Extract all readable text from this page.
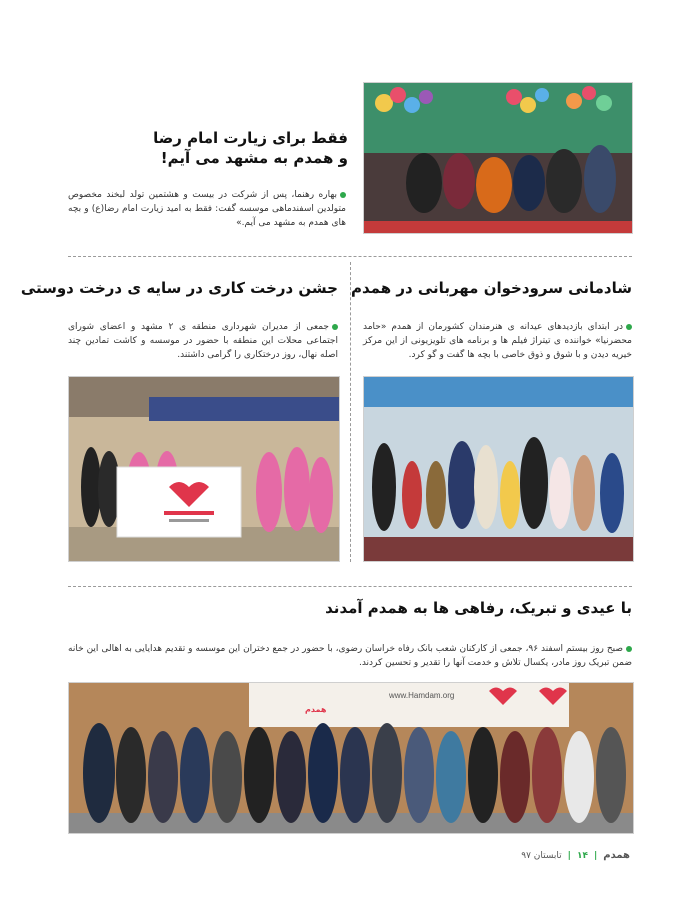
فقط برای زیارت امام رضا
و همدم به مشهد می آیم!
بهاره رهنما، پس از شرکت در بیست و هشتمین تولد لبخند مخصوص متولدین اسفندماهی موسسه گفت: فقط به امید زیارت امام رضا(ع) و بچه های همدم به مشهد می آیم.»
جشن درخت کاری در سایه ی درخت دوستی
جمعی از مدیران شهرداری منطقه ی ۲ مشهد و اعضای شورای اجتماعی محلات این منطقه با حضور در موسسه و کاشت تمادین چند اصله نهال، روز درختکاری را گرامی داشتند.
شادمانی سرودخوان مهربانی در همدم
در ابتدای بازدیدهای عیدانه ی هنرمندان کشورمان از همدم «حامد محضرنیا» خواننده ی تیتراژ فیلم ها و برنامه های تلویزیونی از این مرکز خیریه دیدن و با شوق و ذوق خاصی با بچه ها گفت و گو کرد.
با عیدی و تبریک، رفاهی ها به همدم آمدند
صبح روز بیستم اسفند ۹۶، جمعی از کارکنان شعب بانک رفاه خراسان رضوی، با حضور در جمع دختران این موسسه و تقدیم هدایایی به اهالی این خانه ضمن تبریک روز مادر، یکسال تلاش و خدمت آنها را تقدیر و تحسین کردند.
www.Hamdam.org
همدم
همدم
|
۱۴
|
تابستان ۹۷
